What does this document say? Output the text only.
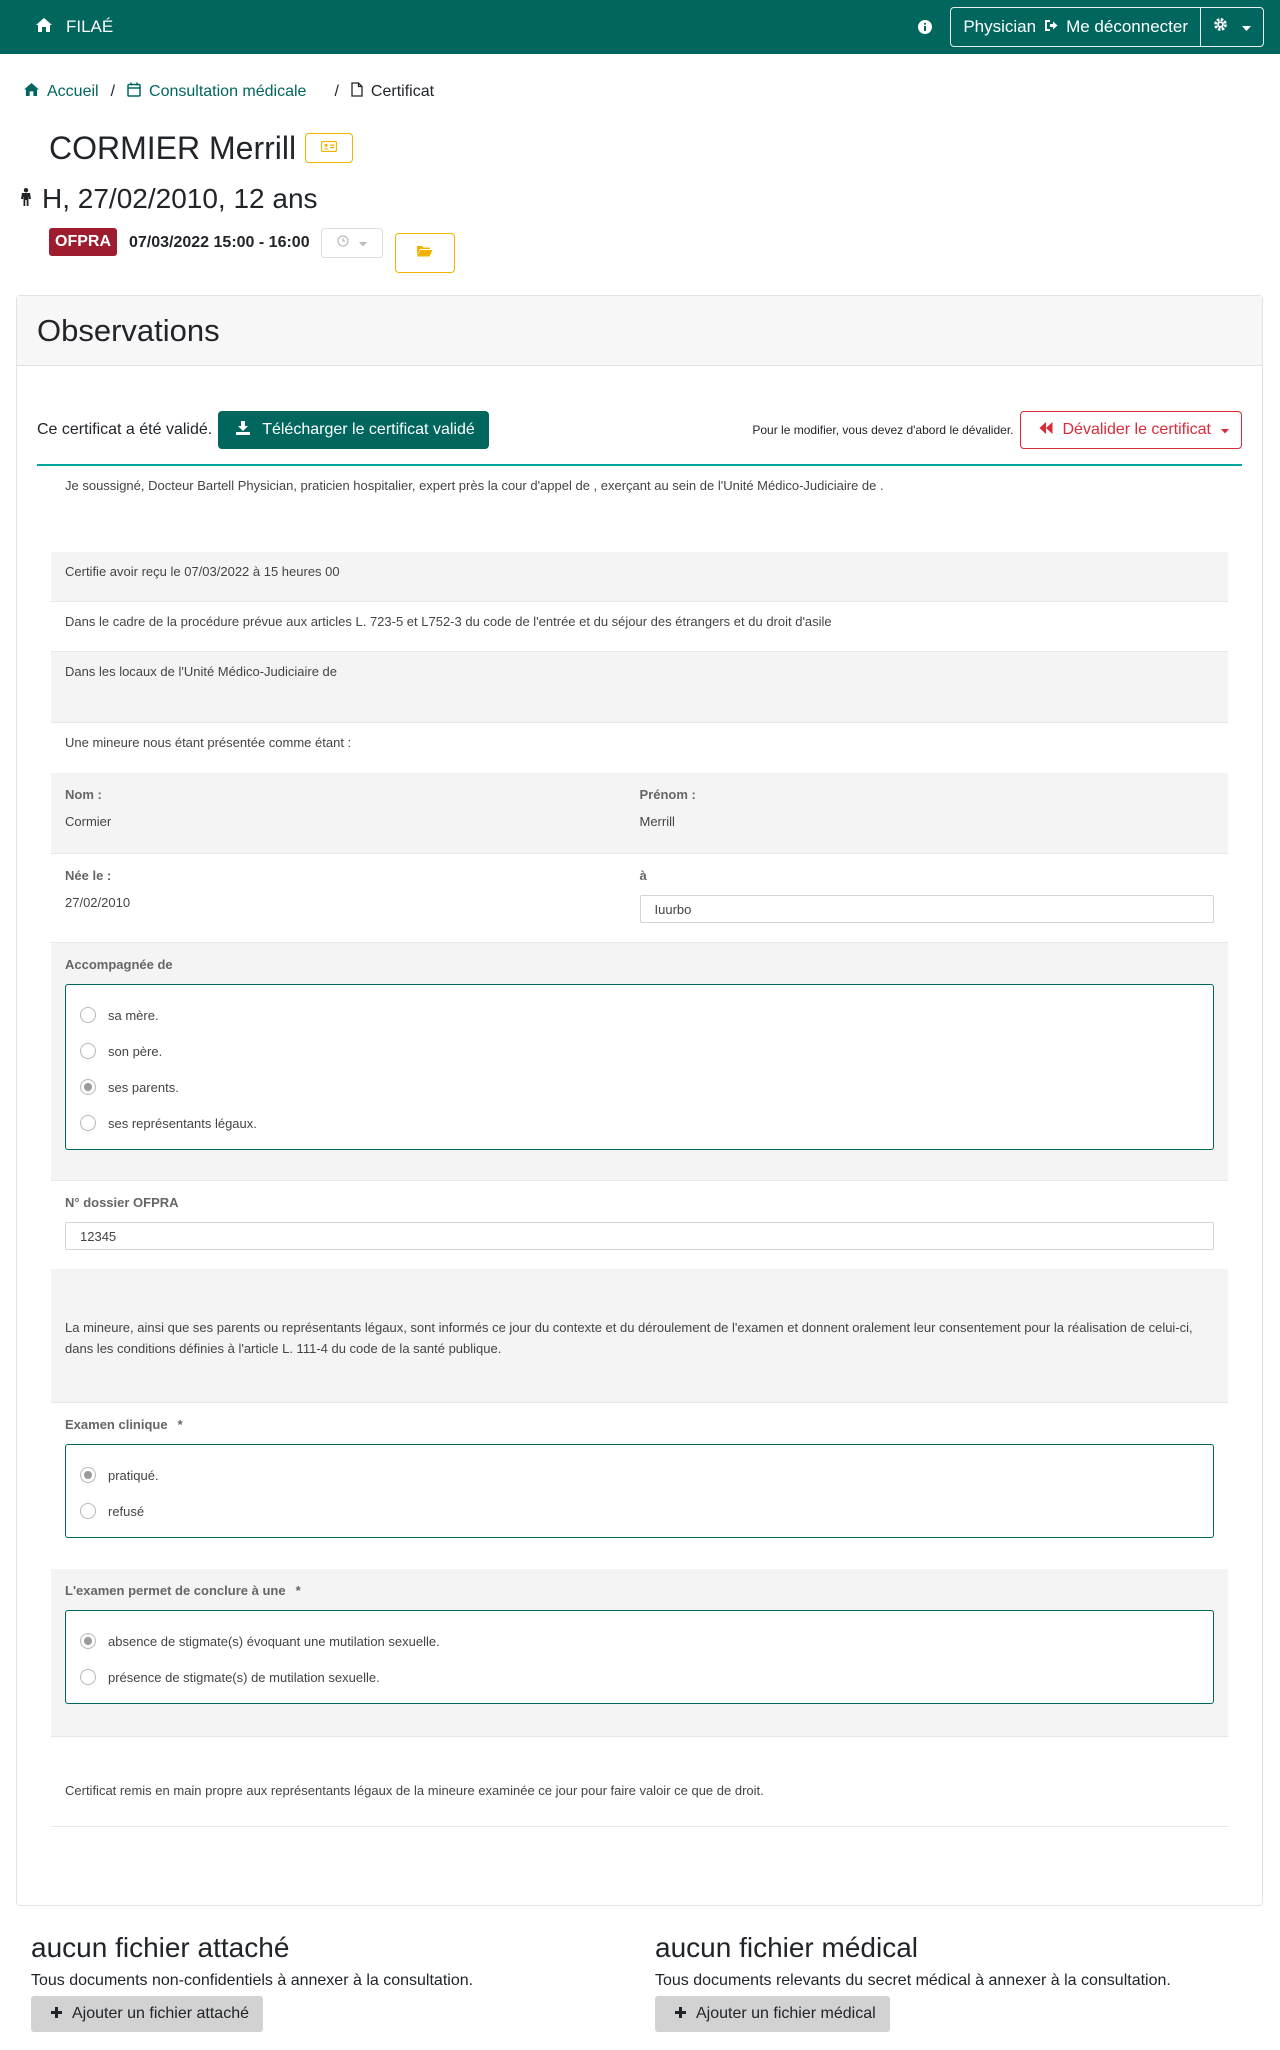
FILAÉ	Physician Me déconnecter
Accueil / Consultation médicale / Certificat
CORMIER Merrill
H, 27/02/2010, 12 ans
OFPRA	07/03/2022 15:00 - 16:00
Observations
Ce certificat a été validé.	Télécharger le certificat validé	Pour le modifier, vous devez d'abord le dévalider.	Dévalider le certificat
Je soussigné, Docteur Bartell Physician, praticien hospitalier, expert près la cour d'appel de , exerçant au sein de l'Unité Médico-Judiciaire de .
Certifie avoir reçu le 07/03/2022 à 15 heures 00
Dans le cadre de la procédure prévue aux articles L. 723-5 et L752-3 du code de l'entrée et du séjour des étrangers et du droit d'asile
Dans les locaux de l'Unité Médico-Judiciaire de
Une mineure nous étant présentée comme étant :
Nom :
Cormier
Prénom :
Merrill
Née le :
27/02/2010
à
Iuurbo
Accompagnée de
sa mère.
son père.
ses parents.
ses représentants légaux.
N° dossier OFPRA
12345
La mineure, ainsi que ses parents ou représentants légaux, sont informés ce jour du contexte et du déroulement de l'examen et donnent oralement leur consentement pour la réalisation de celui-ci, dans les conditions définies à l'article L. 111-4 du code de la santé publique.
Examen clinique *
pratiqué.
refusé
L'examen permet de conclure à une *
absence de stigmate(s) évoquant une mutilation sexuelle.
présence de stigmate(s) de mutilation sexuelle.
Certificat remis en main propre aux représentants légaux de la mineure examinée ce jour pour faire valoir ce que de droit.
aucun fichier attaché

Tous documents non-confidentiels à annexer à la consultation.

Ajouter un fichier attaché
aucun fichier médical

Tous documents relevants du secret médical à annexer à la consultation.

Ajouter un fichier médical
